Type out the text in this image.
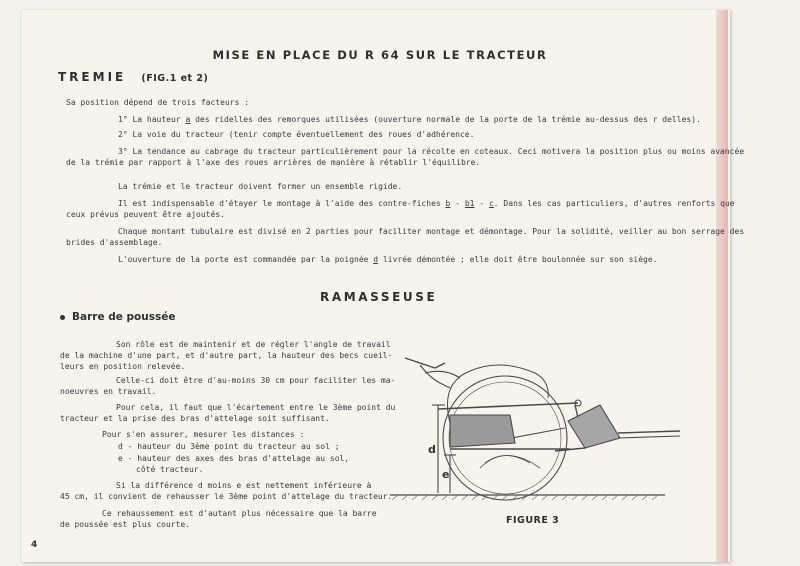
MISE EN PLACE DU R 64 SUR LE TRACTEUR
TREMIE (FIG.1 et 2)
Sa position dépend de trois facteurs :
1° La hauteur a des ridelles des remorques utilisées (ouverture normale de la porte de la trémie au-dessus des r delles).
2° La voie du tracteur (tenir compte éventuellement des roues d'adhérence.
3° La tendance au cabrage du tracteur particulièrement pour la récolte en coteaux. Ceci motivera la position plus ou moins avancée
de la trémie par rapport à l'axe des roues arrières de manière à rétablir l'équilibre.
La trémie et le tracteur doivent former un ensemble rigide.
Il est indispensable d'étayer le montage à l'aide des contre-fiches b - b1 - c. Dans les cas particuliers, d'autres renforts que
ceux prévus peuvent être ajoutés.
Chaque montant tubulaire est divisé en 2 parties pour faciliter montage et démontage. Pour la solidité, veiller au bon serrage des
brides d'assemblage.
L'ouverture de la porte est commandée par la poignée d livrée démontée ; elle doit être boulonnée sur son siège.
RAMASSEUSE
Barre de poussée
Son rôle est de maintenir et de régler l'angle de travail
de la machine d'une part, et d'autre part, la hauteur des becs cueil-
leurs en position relevée.
Celle-ci doit être d'au-moins 30 cm pour faciliter les ma-
noeuvres en travail.
Pour cela, il faut que l'écartement entre le 3ème point du
tracteur et la prise des bras d'attelage soit suffisant.
Pour s'en assurer, mesurer les distances :
d - hauteur du 3ème point du tracteur au sol ;
e - hauteur des axes des bras d'attelage au sol,
côté tracteur.
Si la différence d moins e est nettement inférieure à
45 cm, il convient de rehausser le 3ème point d'attelage du tracteur.
Ce rehaussement est d'autant plus nécessaire que la barre
de poussée est plus courte.
d
e
FIGURE 3
4
